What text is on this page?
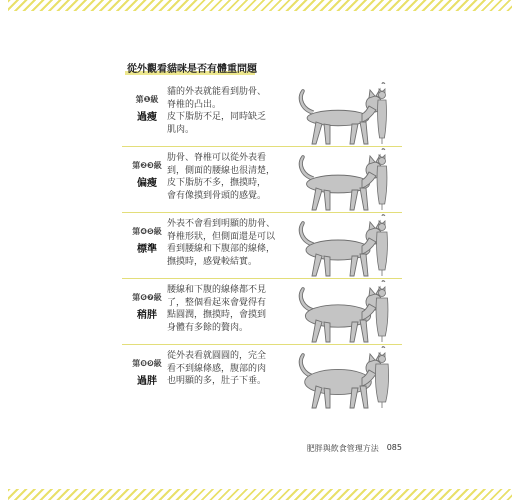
從外觀看貓咪是否有體重問題
第❶級
過瘦
貓的外表就能看到肋骨、
脊椎的凸出。
皮下脂肪不足，同時缺乏
肌肉。
第❷❸級
偏瘦
肋骨、脊椎可以從外表看
到，側面的腰線也很清楚，
皮下脂肪不多，撫摸時，
會有像摸到骨頭的感覺。
第❹❺級
標準
外表不會看到明顯的肋骨、
脊椎形狀，但側面還是可以
看到腰線和下腹部的線條，
撫摸時，感覺較結實。
第❻❼級
稍胖
腰線和下腹的線條都不見
了，整個看起來會覺得有
點圓潤，撫摸時，會摸到
身體有多餘的贅肉。
第❽❾級
過胖
從外表看就圓圓的，完全
看不到線條感，腹部的肉
也明顯的多，肚子下垂。
肥胖與飲食管理方法 085
